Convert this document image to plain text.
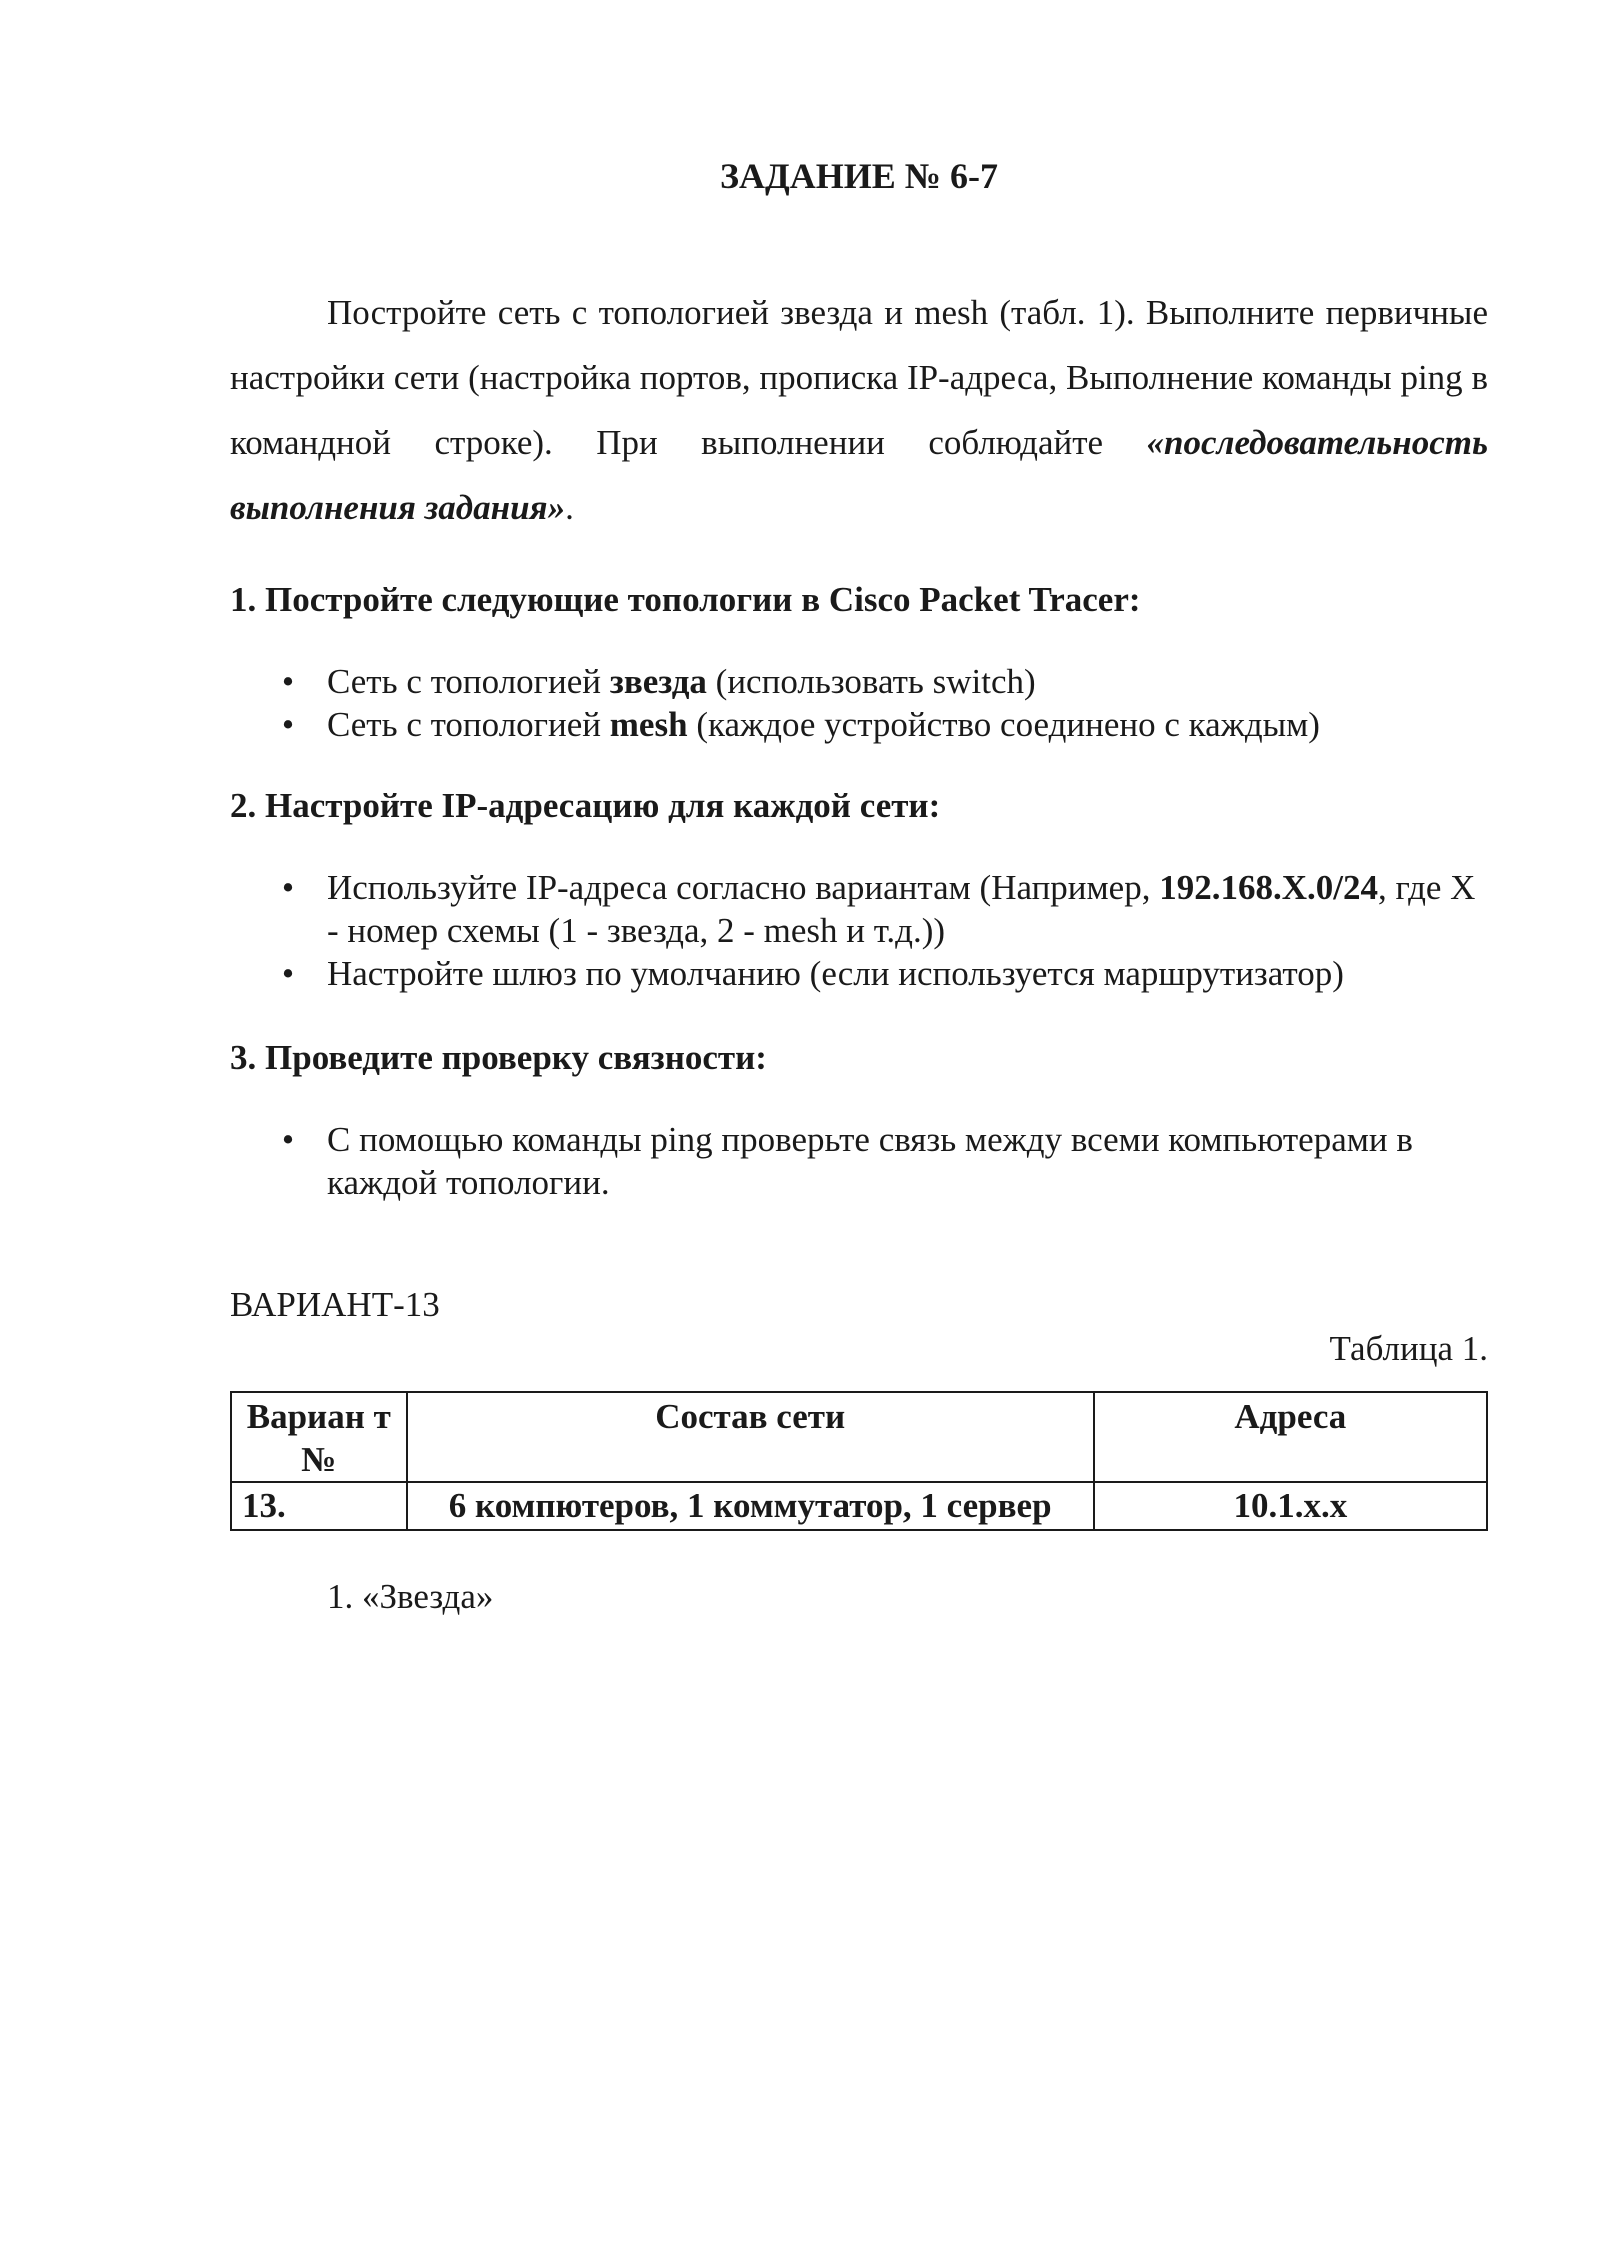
ЗАДАНИЕ № 6-7

Постройте сеть с топологией звезда и mesh (табл. 1). Выполните первичные настройки сети (настройка портов, прописка IP-адреса, Выполнение команды ping в командной строке). При выполнении соблюдайте «последовательность выполнения задания».

1. Постройте следующие топологии в Cisco Packet Tracer:

• Сеть с топологией звезда (использовать switch)
• Сеть с топологией mesh (каждое устройство соединено с каждым)

2. Настройте IP-адресацию для каждой сети:

• Используйте IP-адреса согласно вариантам (Например, 192.168.X.0/24, где X - номер схемы (1 - звезда, 2 - mesh и т.д.))
• Настройте шлюз по умолчанию (если используется маршрутизатор)

3. Проведите проверку связности:

• С помощью команды ping проверьте связь между всеми компьютерами в каждой топологии.

ВАРИАНТ-13

Таблица 1.

Вариан т №	Состав сети	Адреса
13.	6 компютеров, 1 коммутатор, 1 сервер	10.1.x.x

1. «Звезда»
